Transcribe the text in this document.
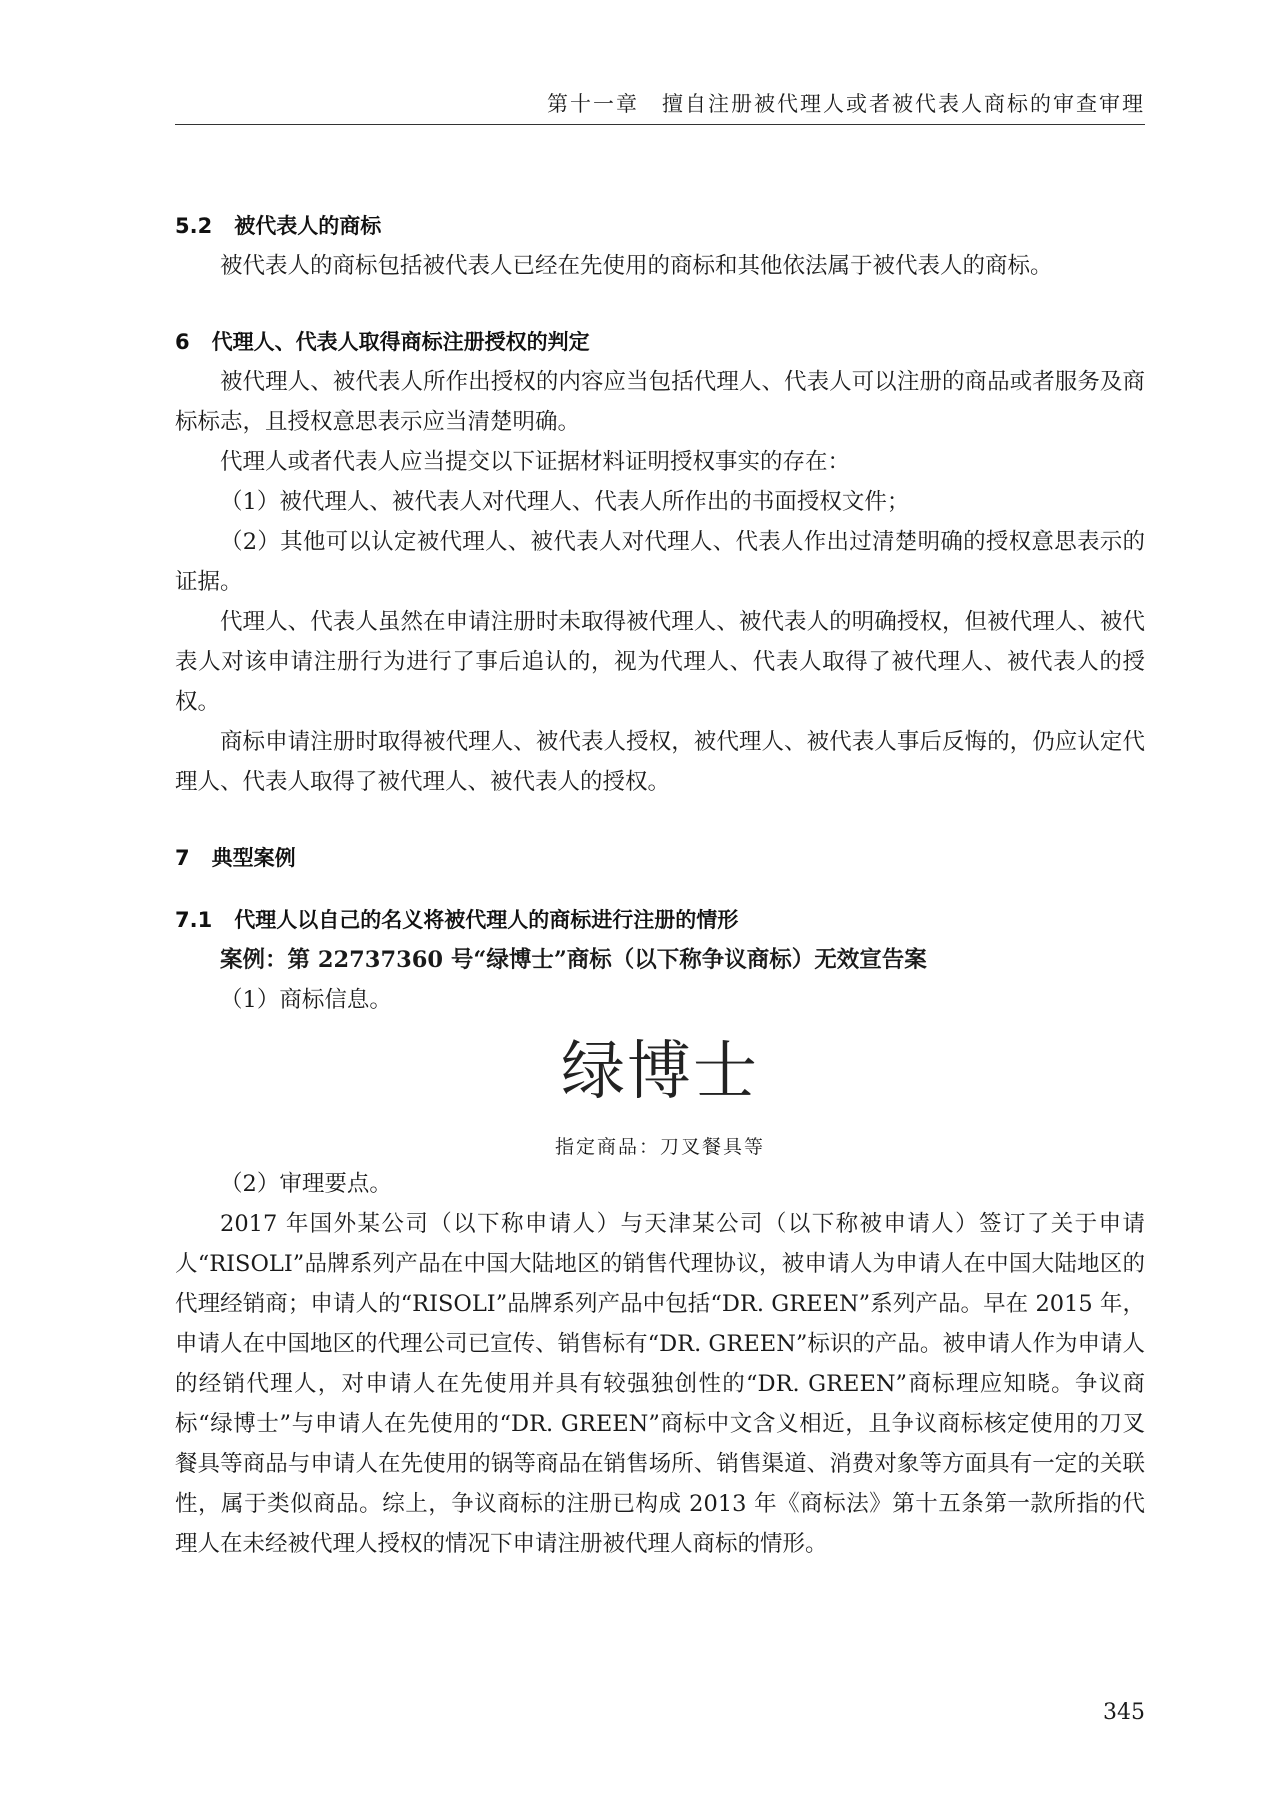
第十一章　擅自注册被代理人或者被代表人商标的审查审理
5.2 被代表人的商标

被代表人的商标包括被代表人已经在先使用的商标和其他依法属于被代表人的商标。

6 代理人、代表人取得商标注册授权的判定

被代理人、被代表人所作出授权的内容应当包括代理人、代表人可以注册的商品或者服务及商标标志，且授权意思表示应当清楚明确。

代理人或者代表人应当提交以下证据材料证明授权事实的存在：

（1）被代理人、被代表人对代理人、代表人所作出的书面授权文件；

（2）其他可以认定被代理人、被代表人对代理人、代表人作出过清楚明确的授权意思表示的证据。

代理人、代表人虽然在申请注册时未取得被代理人、被代表人的明确授权，但被代理人、被代表人对该申请注册行为进行了事后追认的，视为代理人、代表人取得了被代理人、被代表人的授权。

商标申请注册时取得被代理人、被代表人授权，被代理人、被代表人事后反悔的，仍应认定代理人、代表人取得了被代理人、被代表人的授权。

7 典型案例
7.1 代理人以自己的名义将被代理人的商标进行注册的情形

案例：第 22737360 号“绿博士”商标（以下称争议商标）无效宣告案

（1）商标信息。

绿博士
指定商品：刀叉餐具等

（2）审理要点。

2017 年国外某公司（以下称申请人）与天津某公司（以下称被申请人）签订了关于申请人“RISOLI”品牌系列产品在中国大陆地区的销售代理协议，被申请人为申请人在中国大陆地区的代理经销商；申请人的“RISOLI”品牌系列产品中包括“DR. GREEN”系列产品。早在 2015 年，申请人在中国地区的代理公司已宣传、销售标有“DR. GREEN”标识的产品。被申请人作为申请人的经销代理人，对申请人在先使用并具有较强独创性的“DR. GREEN”商标理应知晓。争议商标“绿博士”与申请人在先使用的“DR. GREEN”商标中文含义相近，且争议商标核定使用的刀叉餐具等商品与申请人在先使用的锅等商品在销售场所、销售渠道、消费对象等方面具有一定的关联性，属于类似商品。综上，争议商标的注册已构成 2013 年《商标法》第十五条第一款所指的代理人在未经被代理人授权的情况下申请注册被代理人商标的情形。

345
